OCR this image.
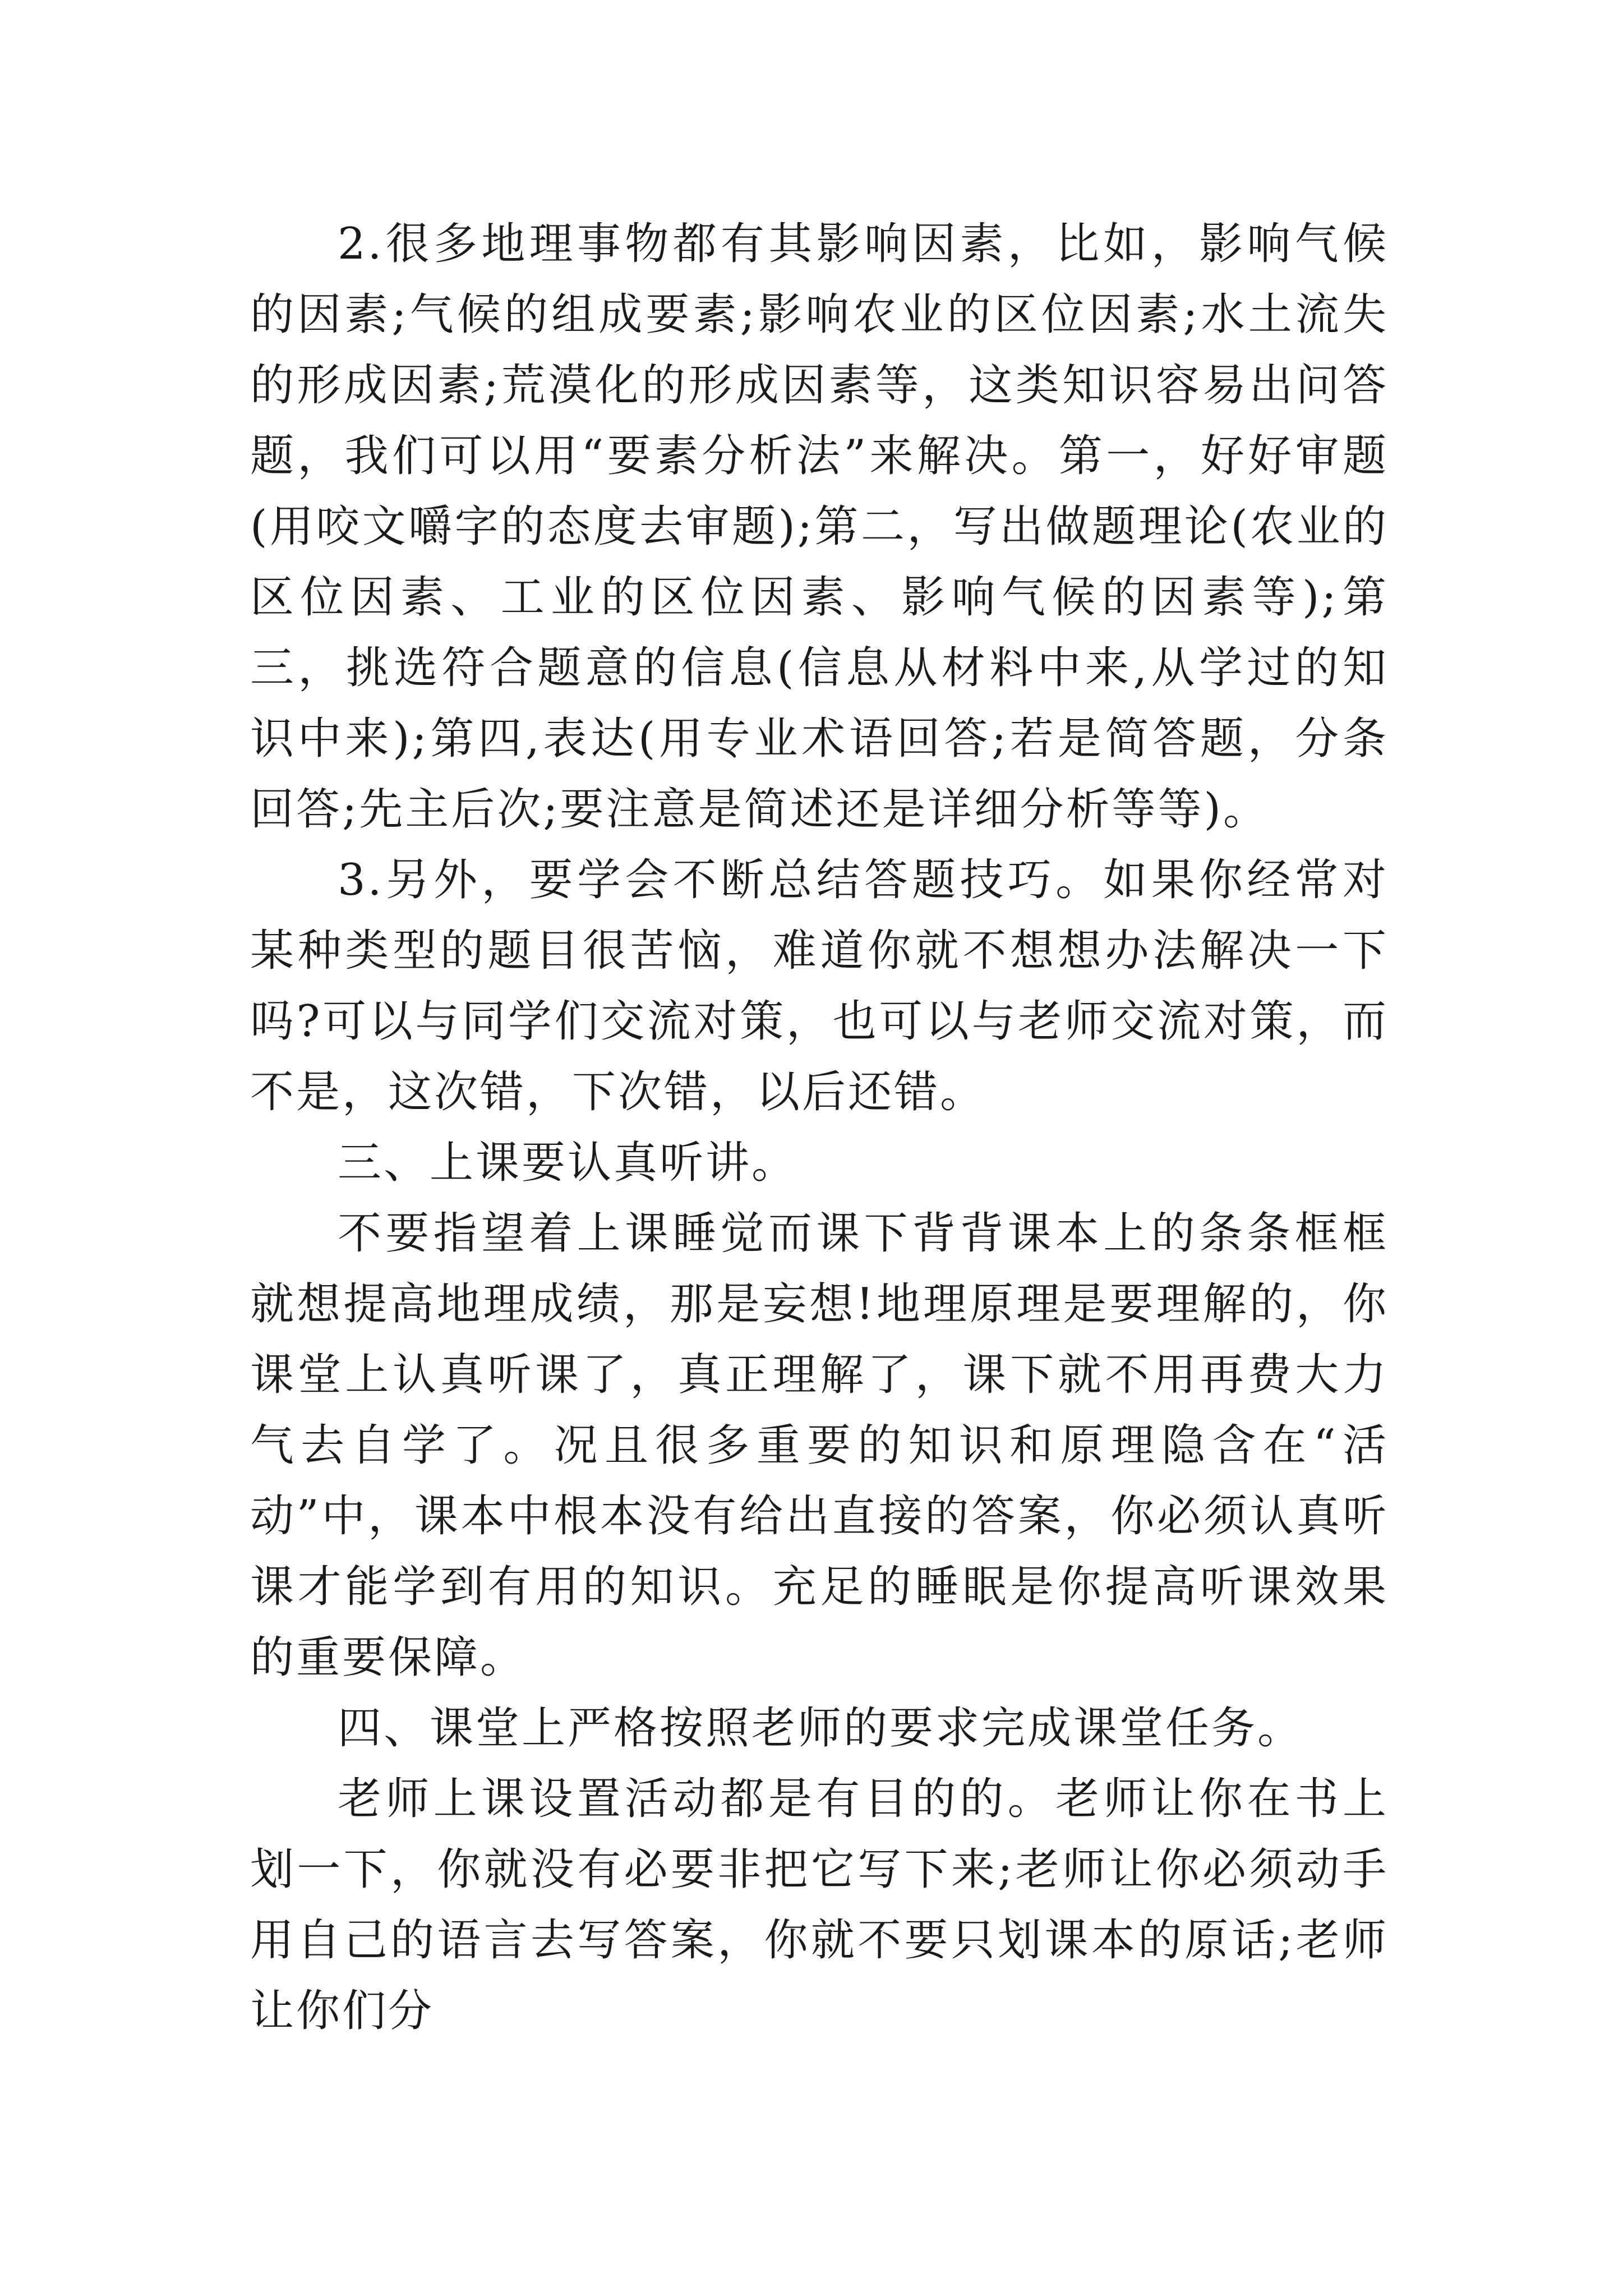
2.很多地理事物都有其影响因素，比如，影响气候的因素;气候的组成要素;影响农业的区位因素;水土流失的形成因素;荒漠化的形成因素等，这类知识容易出问答题，我们可以用“要素分析法”来解决。第一，好好审题(用咬文嚼字的态度去审题);第二，写出做题理论(农业的区位因素、工业的区位因素、影响气候的因素等);第三，挑选符合题意的信息(信息从材料中来,从学过的知识中来);第四,表达(用专业术语回答;若是简答题，分条回答;先主后次;要注意是简述还是详细分析等等)。

3.另外，要学会不断总结答题技巧。如果你经常对某种类型的题目很苦恼，难道你就不想想办法解决一下吗?可以与同学们交流对策，也可以与老师交流对策，而不是，这次错，下次错，以后还错。

三、上课要认真听讲。

不要指望着上课睡觉而课下背背课本上的条条框框就想提高地理成绩，那是妄想!地理原理是要理解的，你课堂上认真听课了，真正理解了，课下就不用再费大力气去自学了。况且很多重要的知识和原理隐含在“活动”中，课本中根本没有给出直接的答案，你必须认真听课才能学到有用的知识。充足的睡眠是你提高听课效果的重要保障。

四、课堂上严格按照老师的要求完成课堂任务。

老师上课设置活动都是有目的的。老师让你在书上划一下，你就没有必要非把它写下来;老师让你必须动手用自己的语言去写答案，你就不要只划课本的原话;老师让你们分
